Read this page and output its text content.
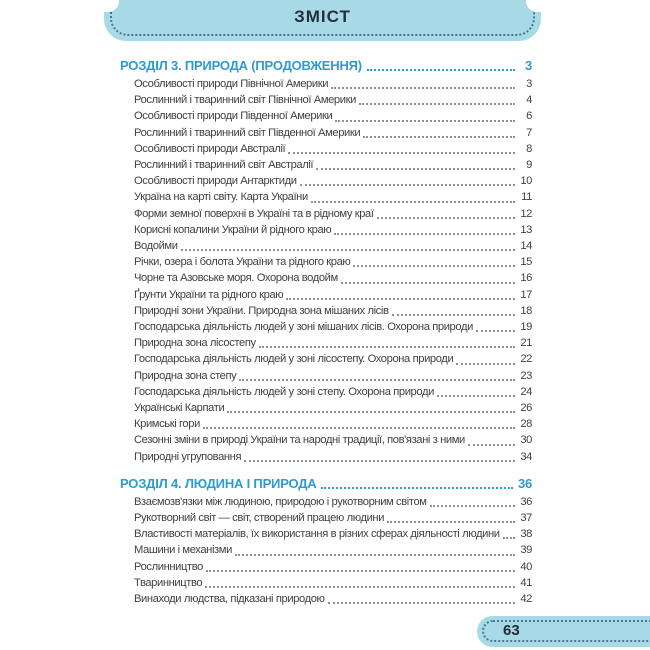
ЗМІСТ
РОЗДІЛ 3. ПРИРОДА (ПРОДОВЖЕННЯ)	3
Особливості природи Північної Америки	3
Рослинний і тваринний світ Північної Америки	4
Особливості природи Південної Америки	6
Рослинний і тваринний світ Південної Америки	7
Особливості природи Австралії	8
Рослинний і тваринний світ Австралії	9
Особливості природи Антарктиди	10
Україна на карті світу. Карта України	11
Форми земної поверхні в Україні та в рідному краї	12
Корисні копалини України й рідного краю	13
Водойми	14
Річки, озера і болота України та рідного краю	15
Чорне та Азовське моря. Охорона водойм	16
Ґрунти України та рідного краю	17
Природні зони України. Природна зона мішаних лісів	18
Господарська діяльність людей у зоні мішаних лісів. Охорона природи	19
Природна зона лісостепу	21
Господарська діяльність людей у зоні лісостепу. Охорона природи	22
Природна зона степу	23
Господарська діяльність людей у зоні степу. Охорона природи	24
Українські Карпати	26
Кримські гори	28
Сезонні зміни в природі України та народні традиції, пов'язані з ними	30
Природні угруповання	34
РОЗДІЛ 4. ЛЮДИНА І ПРИРОДА	36
Взаємозв'язки між людиною, природою і рукотворним світом	36
Рукотворний світ — світ, створений працею людини	37
Властивості матеріалів, їх використання в різних сферах діяльності людини 38
Машини і механізми	39
Рослинництво	40
Тваринництво	41
Винаходи людства, підказані природою	42
63
